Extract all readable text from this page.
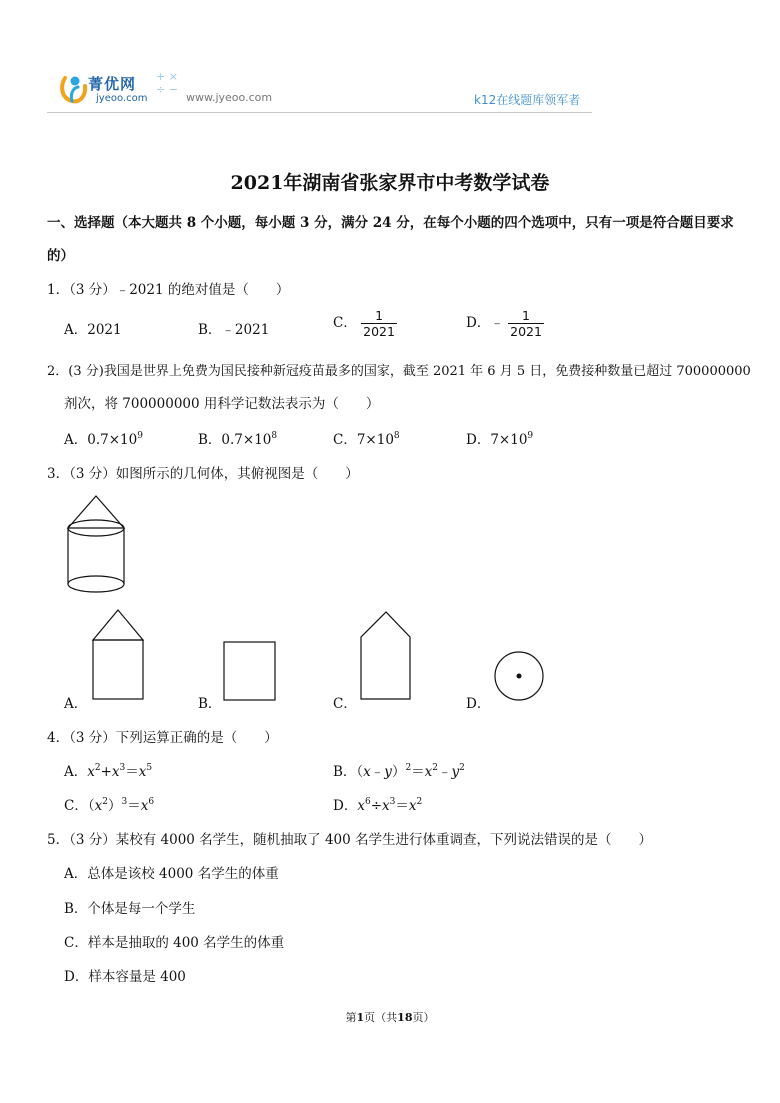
菁优网
jyeoo.com
+ ×
÷ −
www.jyeoo.com	k12在线题库领军者
2021年湖南省张家界市中考数学试卷
一、选择题（本大题共 8 个小题，每小题 3 分，满分 24 分，在每个小题的四个选项中，只有一项是符合题目要求
的）
1．（3 分）﹣2021 的绝对值是（　　）
A．2021	B．﹣2021	C． $\frac{1}{2021}$	D．﹣ $\frac{1}{2021}$
2．(3 分)我国是世界上免费为国民接种新冠疫苗最多的国家，截至 2021 年 6 月 5 日，免费接种数量已超过 700000000
剂次，将 700000000 用科学记数法表示为（　　）
A．$0.7\times 10^9$	B．$0.7\times 10^8$	C．$7\times 10^8$	D．$7\times 10^9$
3．（3 分）如图所示的几何体，其俯视图是（　　）
A．	B．	C．	D．
4．（3 分）下列运算正确的是（　　）
A．$x^2+x^3=x^5$	B．$(x﹣y)^2=x^2﹣y^2$
C．$(x^2)^3=x^6$	D．$x^6\div x^3=x^2$
5．（3 分）某校有 4000 名学生，随机抽取了 400 名学生进行体重调查，下列说法错误的是（　　）
A．总体是该校 4000 名学生的体重
B．个体是每一个学生
C．样本是抽取的 400 名学生的体重
D．样本容量是 400
第1页（共18页）
